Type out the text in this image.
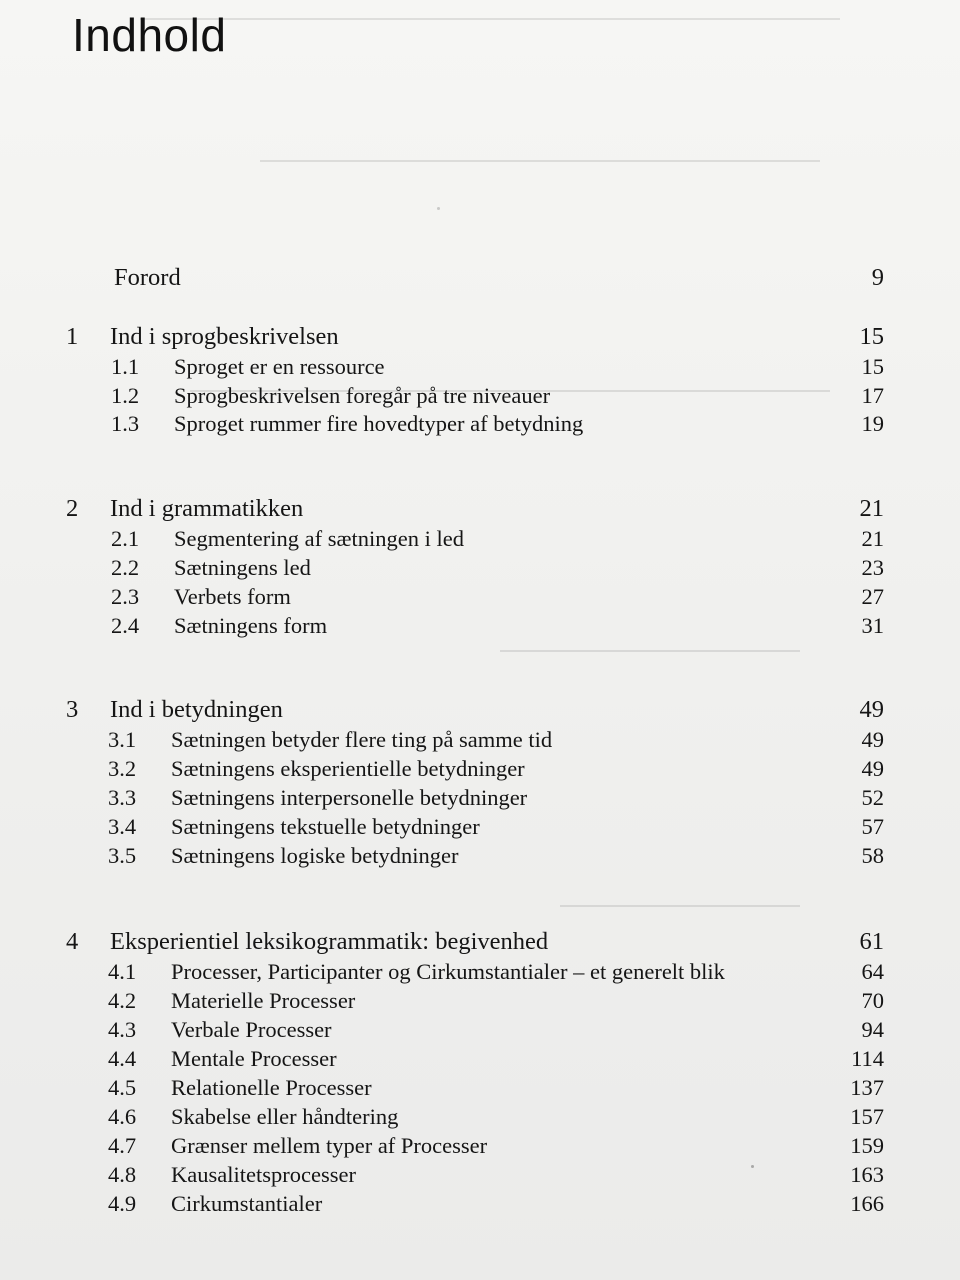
Indhold
Forord	9
1 Ind i sprogbeskrivelsen	15
1.1 Sproget er en ressource	15
1.2 Sprogbeskrivelsen foregår på tre niveauer	17
1.3 Sproget rummer fire hovedtyper af betydning	19
2 Ind i grammatikken	21
2.1 Segmentering af sætningen i led	21
2.2 Sætningens led	23
2.3 Verbets form	27
2.4 Sætningens form	31
3 Ind i betydningen	49
3.1 Sætningen betyder flere ting på samme tid	49
3.2 Sætningens eksperientielle betydninger	49
3.3 Sætningens interpersonelle betydninger	52
3.4 Sætningens tekstuelle betydninger	57
3.5 Sætningens logiske betydninger	58
4 Eksperientiel leksikogrammatik: begivenhed	61
4.1 Processer, Participanter og Cirkumstantialer – et generelt blik	64
4.2 Materielle Processer	70
4.3 Verbale Processer	94
4.4 Mentale Processer	114
4.5 Relationelle Processer	137
4.6 Skabelse eller håndtering	157
4.7 Grænser mellem typer af Processer	159
4.8 Kausalitetsprocesser	163
4.9 Cirkumstantialer	166
